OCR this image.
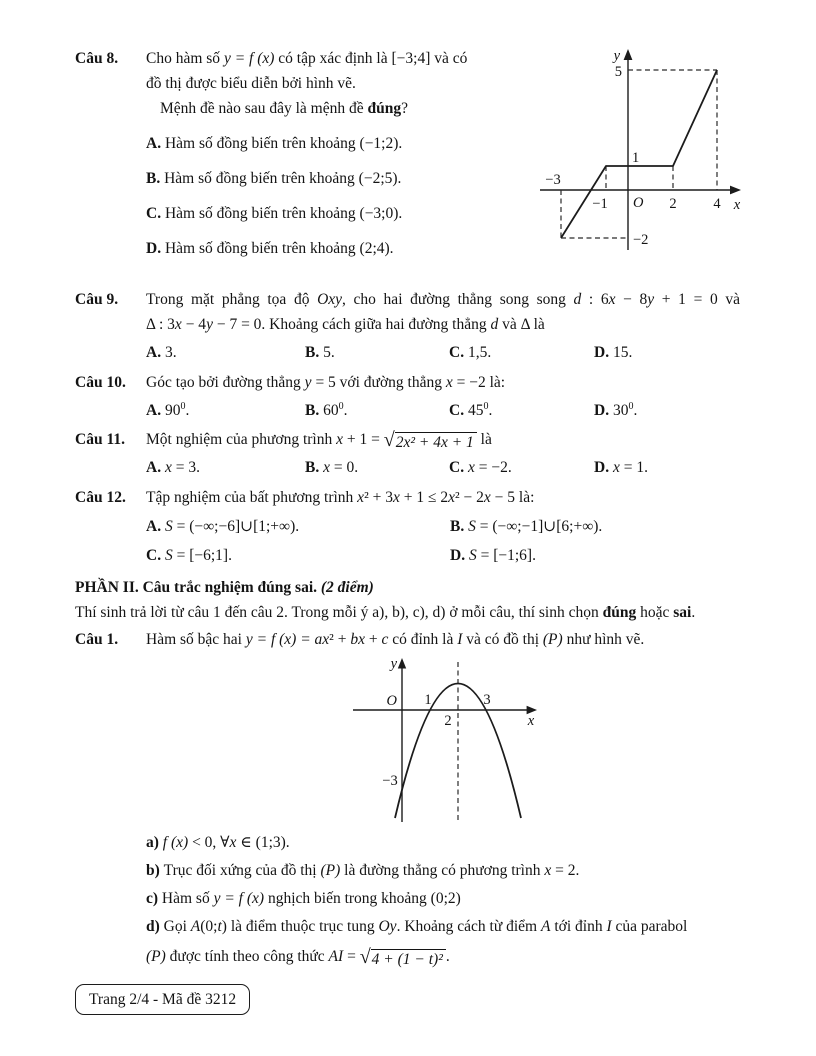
Câu 8.	Cho hàm số y = f (x) có tập xác định là [−3;4] và có

đồ thị được biểu diễn bởi hình vẽ.

Mệnh đề nào sau đây là mệnh đề đúng?

A. Hàm số đồng biến trên khoảng (−1;2).

B. Hàm số đồng biến trên khoảng (−2;5).

C. Hàm số đồng biến trên khoảng (−3;0).

D. Hàm số đồng biến trên khoảng (2;4).

y
5
1
O
−3
−1	2	4 x
−2
Câu 9.	Trong mặt phẳng tọa độ Oxy, cho hai đường thẳng song song d : 6x − 8y + 1 = 0 và

Δ : 3x − 4y − 7 = 0. Khoảng cách giữa hai đường thẳng d và Δ là

A. 3.	B. 5.	C. 1,5.	D. 15.
Câu 10.	Góc tạo bởi đường thẳng y = 5 với đường thẳng x = −2 là:

A. $90^0$.	B. $60^0$.	C. $45^0$.	D. $30^0$.
Câu 11.	Một nghiệm của phương trình x + 1 = √2x² + 4x + 1 là

A. x = 3.	B. x = 0.	C. x = −2.	D. x = 1.
Câu 12.	Tập nghiệm của bất phương trình x² + 3x + 1 ≤ 2x² − 2x − 5 là:

A. S = (−∞;−6]∪[1;+∞).	B. S = (−∞;−1]∪[6;+∞).
C. S = [−6;1].	D. S = [−1;6].

PHẦN II. Câu trắc nghiệm đúng sai. (2 điểm)

Thí sinh trả lời từ câu 1 đến câu 2. Trong mỗi ý a), b), c), d) ở mỗi câu, thí sinh chọn đúng hoặc sai.

Câu 1.	Hàm số bậc hai y = f (x) = ax² + bx + c có đỉnh là I và có đồ thị (P) như hình vẽ.

y
O 1
2
3
x
−3

a) f (x) < 0, ∀x ∈ (1;3).

b) Trục đối xứng của đồ thị (P) là đường thẳng có phương trình x = 2.

c) Hàm số y = f (x) nghịch biến trong khoảng (0;2)

d) Gọi A(0;t) là điểm thuộc trục tung Oy. Khoảng cách từ điểm A tới đỉnh I của parabol

(P) được tính theo công thức AI = √4 + (1 − t)² .

Trang 2/4 - Mã đề 3212
